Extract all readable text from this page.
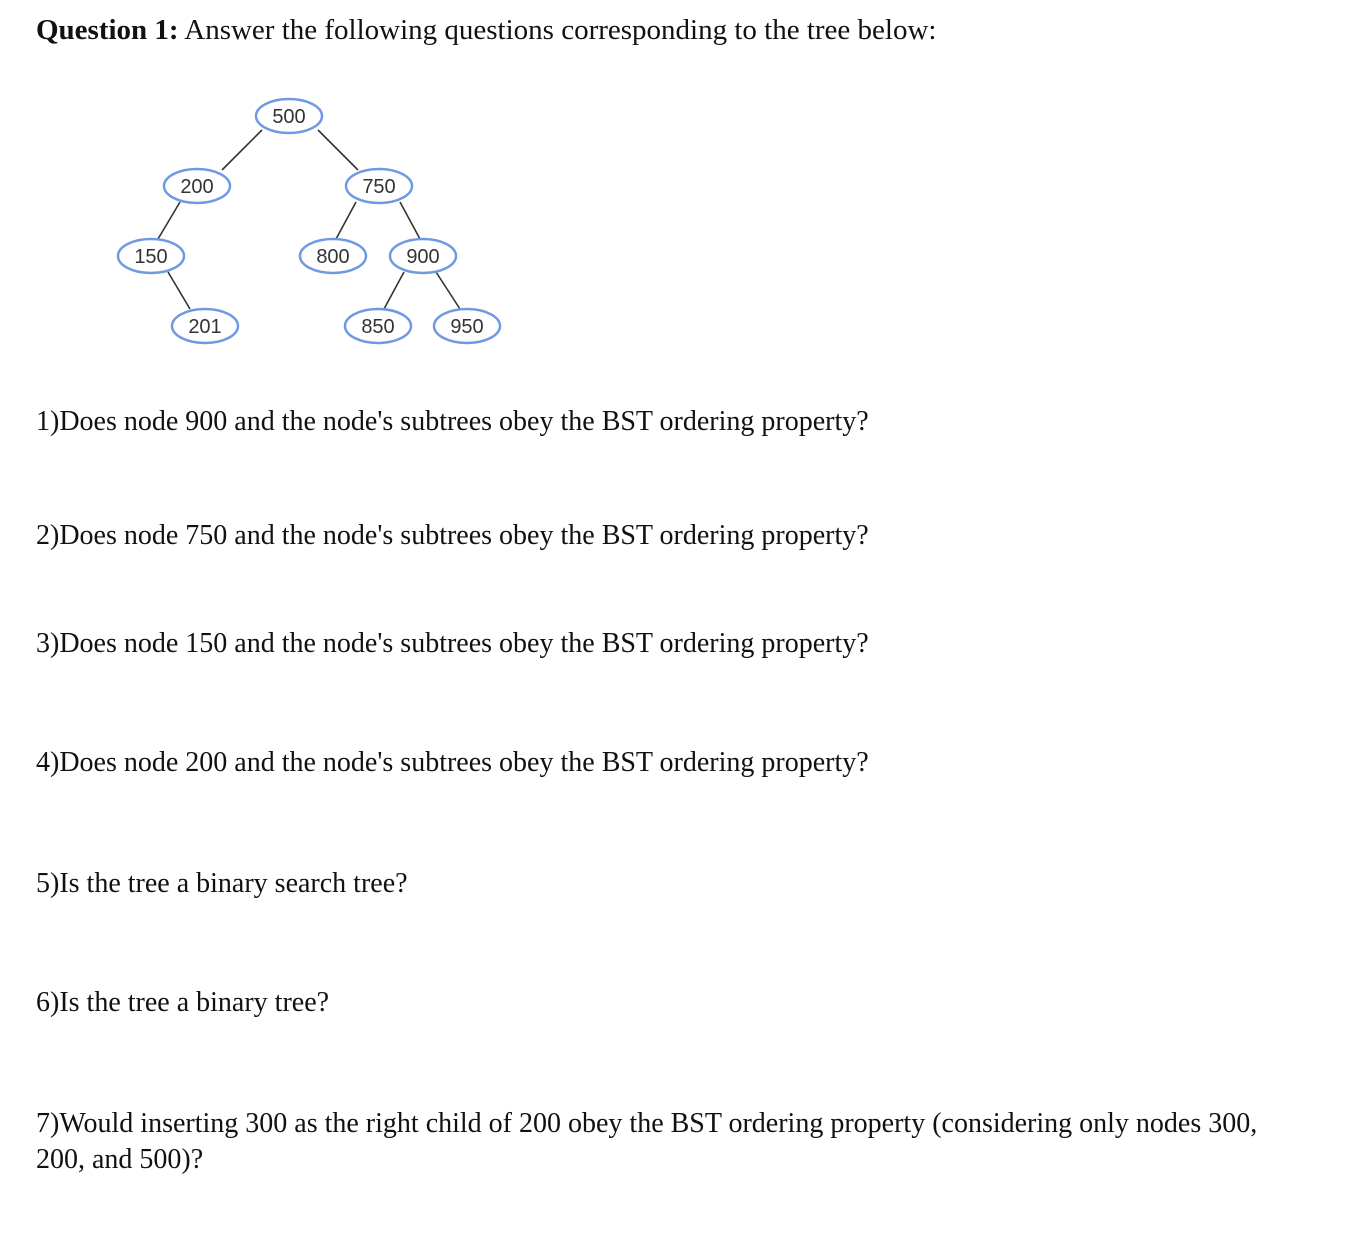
Question 1: Answer the following questions corresponding to the tree below:
500
200	750
150	800	900
201	850	950
1)Does node 900 and the node's subtrees obey the BST ordering property?
2)Does node 750 and the node's subtrees obey the BST ordering property?
3)Does node 150 and the node's subtrees obey the BST ordering property?
4)Does node 200 and the node's subtrees obey the BST ordering property?
5)Is the tree a binary search tree?
6)Is the tree a binary tree?
7)Would inserting 300 as the right child of 200 obey the BST ordering property (considering only nodes 300, 200, and 500)?
